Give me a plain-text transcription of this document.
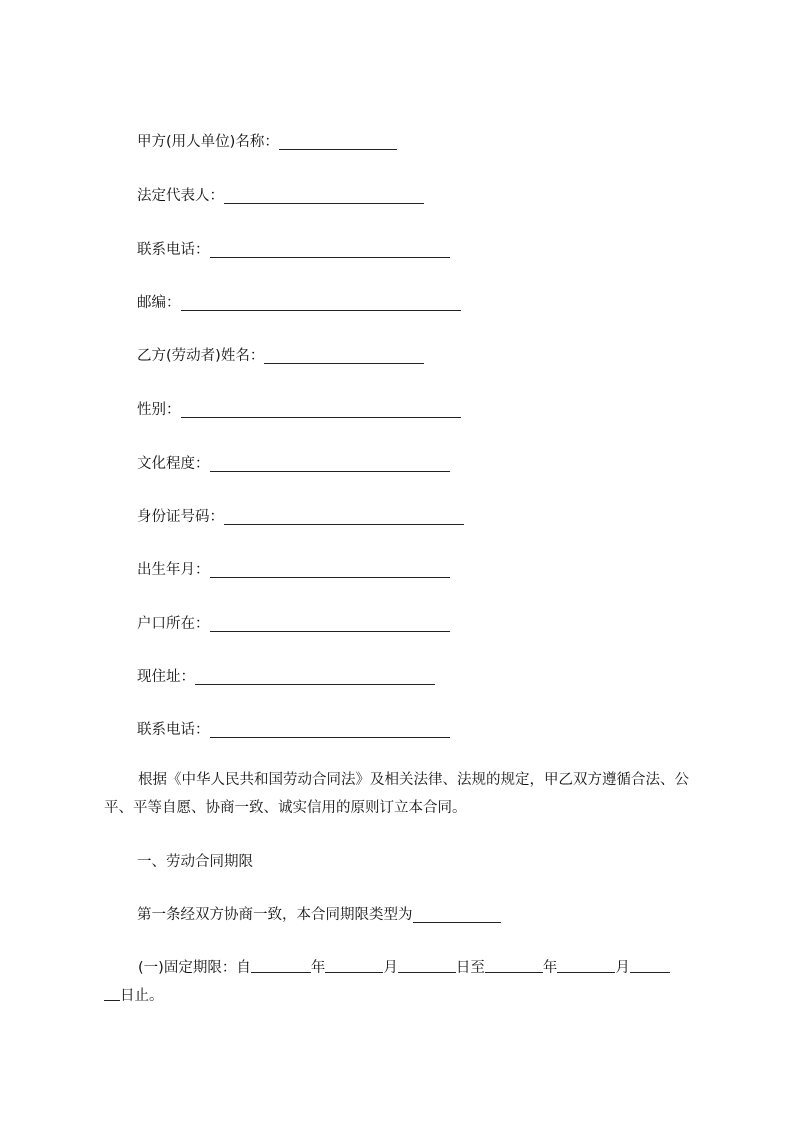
甲方(用人单位)名称：
法定代表人：
联系电话：
邮编：
乙方(劳动者)姓名：
性别：
文化程度：
身份证号码：
出生年月：
户口所在：
现住址：
联系电话：
根据《中华人民共和国劳动合同法》及相关法律、法规的规定，甲乙双方遵循合法、公平、平等自愿、协商一致、诚实信用的原则订立本合同。
一、劳动合同期限
第一条经双方协商一致，本合同期限类型为
(一)固定期限：自	年	月	日至	年	月
日止。
